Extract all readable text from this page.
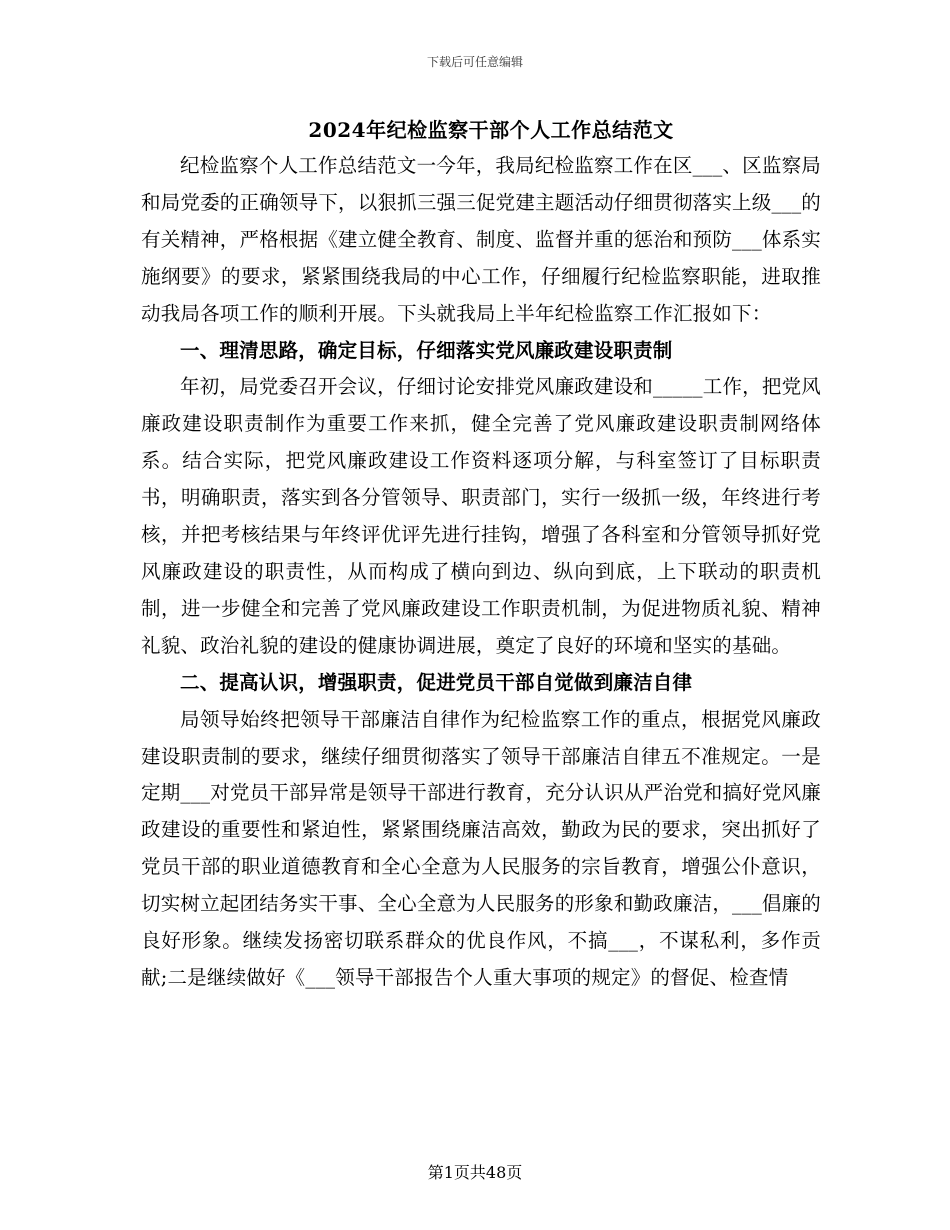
下载后可任意编辑
2024年纪检监察干部个人工作总结范文

纪检监察个人工作总结范文一今年，我局纪检监察工作在区___、区监察局和局党委的正确领导下，以狠抓三强三促党建主题活动仔细贯彻落实上级___的有关精神，严格根据《建立健全教育、制度、监督并重的惩治和预防___体系实施纲要》的要求，紧紧围绕我局的中心工作，仔细履行纪检监察职能，进取推动我局各项工作的顺利开展。下头就我局上半年纪检监察工作汇报如下：

一、理清思路，确定目标，仔细落实党风廉政建设职责制

年初，局党委召开会议，仔细讨论安排党风廉政建设和_____工作，把党风廉政建设职责制作为重要工作来抓，健全完善了党风廉政建设职责制网络体系。结合实际，把党风廉政建设工作资料逐项分解，与科室签订了目标职责书，明确职责，落实到各分管领导、职责部门，实行一级抓一级，年终进行考核，并把考核结果与年终评优评先进行挂钩，增强了各科室和分管领导抓好党风廉政建设的职责性，从而构成了横向到边、纵向到底，上下联动的职责机制，进一步健全和完善了党风廉政建设工作职责机制，为促进物质礼貌、精神礼貌、政治礼貌的建设的健康协调进展，奠定了良好的环境和坚实的基础。

二、提高认识，增强职责，促进党员干部自觉做到廉洁自律

局领导始终把领导干部廉洁自律作为纪检监察工作的重点，根据党风廉政建设职责制的要求，继续仔细贯彻落实了领导干部廉洁自律五不准规定。一是定期___对党员干部异常是领导干部进行教育，充分认识从严治党和搞好党风廉政建设的重要性和紧迫性，紧紧围绕廉洁高效，勤政为民的要求，突出抓好了党员干部的职业道德教育和全心全意为人民服务的宗旨教育，增强公仆意识，切实树立起团结务实干事、全心全意为人民服务的形象和勤政廉洁，___倡廉的良好形象。继续发扬密切联系群众的优良作风，不搞___，不谋私利，多作贡献;二是继续做好《___领导干部报告个人重大事项的规定》的督促、检查情

第1页共48页
